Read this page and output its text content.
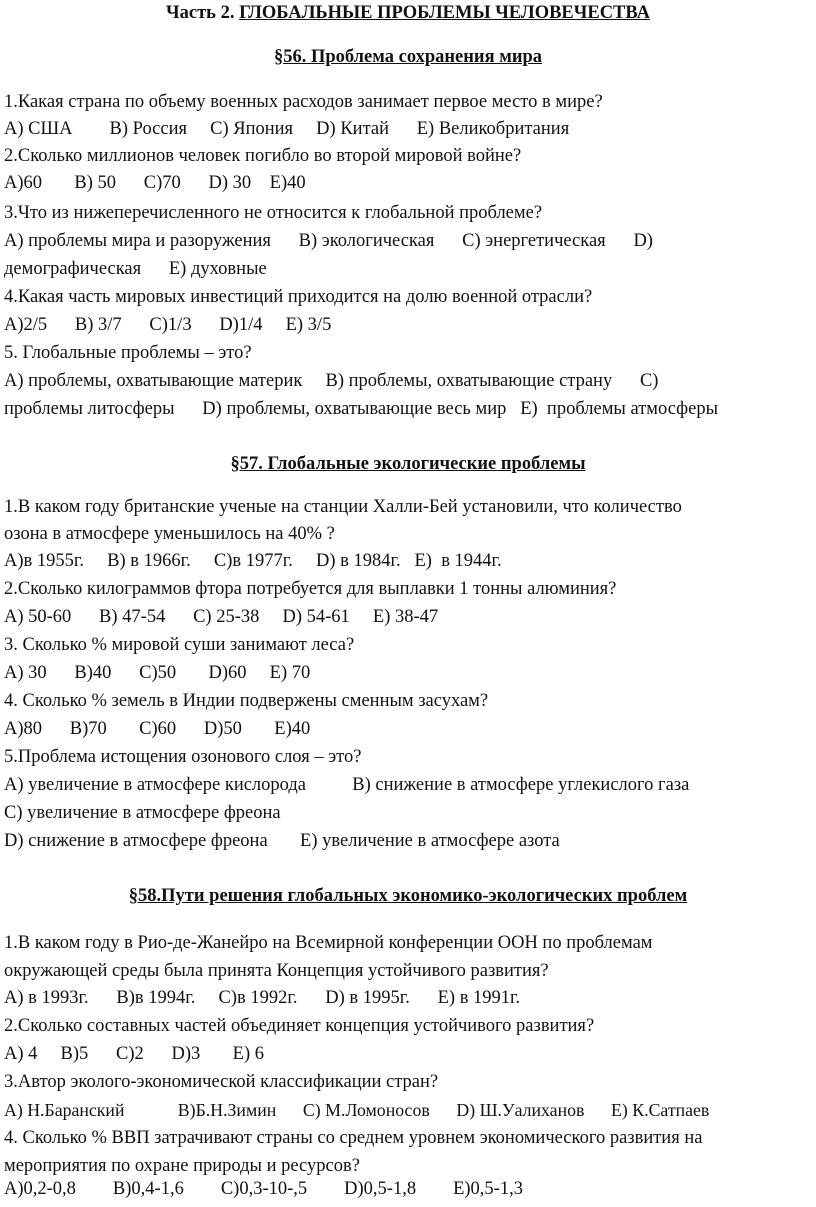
Часть 2. ГЛОБАЛЬНЫЕ ПРОБЛЕМЫ ЧЕЛОВЕЧЕСТВА
§56. Проблема сохранения мира
1.Какая страна по объему военных расходов занимает первое место в мире?
A) США        B) Россия     C) Япония     D) Китай      E) Великобритания
2.Сколько миллионов человек погибло во второй мировой войне?
A)60       B) 50      C)70      D) 30    E)40
3.Что из нижеперечисленного не относится к глобальной проблеме?
A) проблемы мира и разоружения      B) экологическая      C) энергетическая      D)
демографическая      E) духовные
4.Какая часть мировых инвестиций приходится на долю военной отрасли?
A)2/5      B) 3/7      C)1/3      D)1/4     E) 3/5
5. Глобальные проблемы – это?
A) проблемы, охватывающие материк     B) проблемы, охватывающие страну      C)
проблемы литосферы      D) проблемы, охватывающие весь мир   E)  проблемы атмосферы
§57. Глобальные экологические проблемы
1.В каком году британские ученые на станции Халли-Бей установили, что количество
озона в атмосфере уменьшилось на 40% ?
A)в 1955г.     B) в 1966г.     C)в 1977г.     D) в 1984г.   E)  в 1944г.
2.Сколько килограммов фтора потребуется для выплавки 1 тонны алюминия?
A) 50-60      B) 47-54      C) 25-38     D) 54-61     E) 38-47
3. Сколько % мировой суши занимают леса?
A) 30      B)40      C)50       D)60     E) 70
4. Сколько % земель в Индии подвержены сменным засухам?
A)80      B)70       C)60      D)50       E)40
5.Проблема истощения озонового слоя – это?
A) увеличение в атмосфере кислорода          B) снижение в атмосфере углекислого газа
C) увеличение в атмосфере фреона
D) снижение в атмосфере фреона       E) увеличение в атмосфере азота
§58.Пути решения глобальных экономико-экологических проблем
1.В каком году в Рио-де-Жанейро на Всемирной конференции ООН по проблемам
окружающей среды была принята Концепция устойчивого развития?
A) в 1993г.      B)в 1994г.     C)в 1992г.      D) в 1995г.      E) в 1991г.
2.Сколько составных частей объединяет концепция устойчивого развития?
A) 4     B)5      C)2      D)3       E) 6
3.Автор эколого-экономической классификации стран?
A) Н.Баранский            B)Б.Н.Зимин      C) М.Ломоносов      D) Ш.Уалиханов      E) К.Сатпаев
4. Сколько % ВВП затрачивают страны со среднем уровнем экономического развития на
мероприятия по охране природы и ресурсов?
A)0,2-0,8        B)0,4-1,6        C)0,3-10-,5        D)0,5-1,8        E)0,5-1,3
